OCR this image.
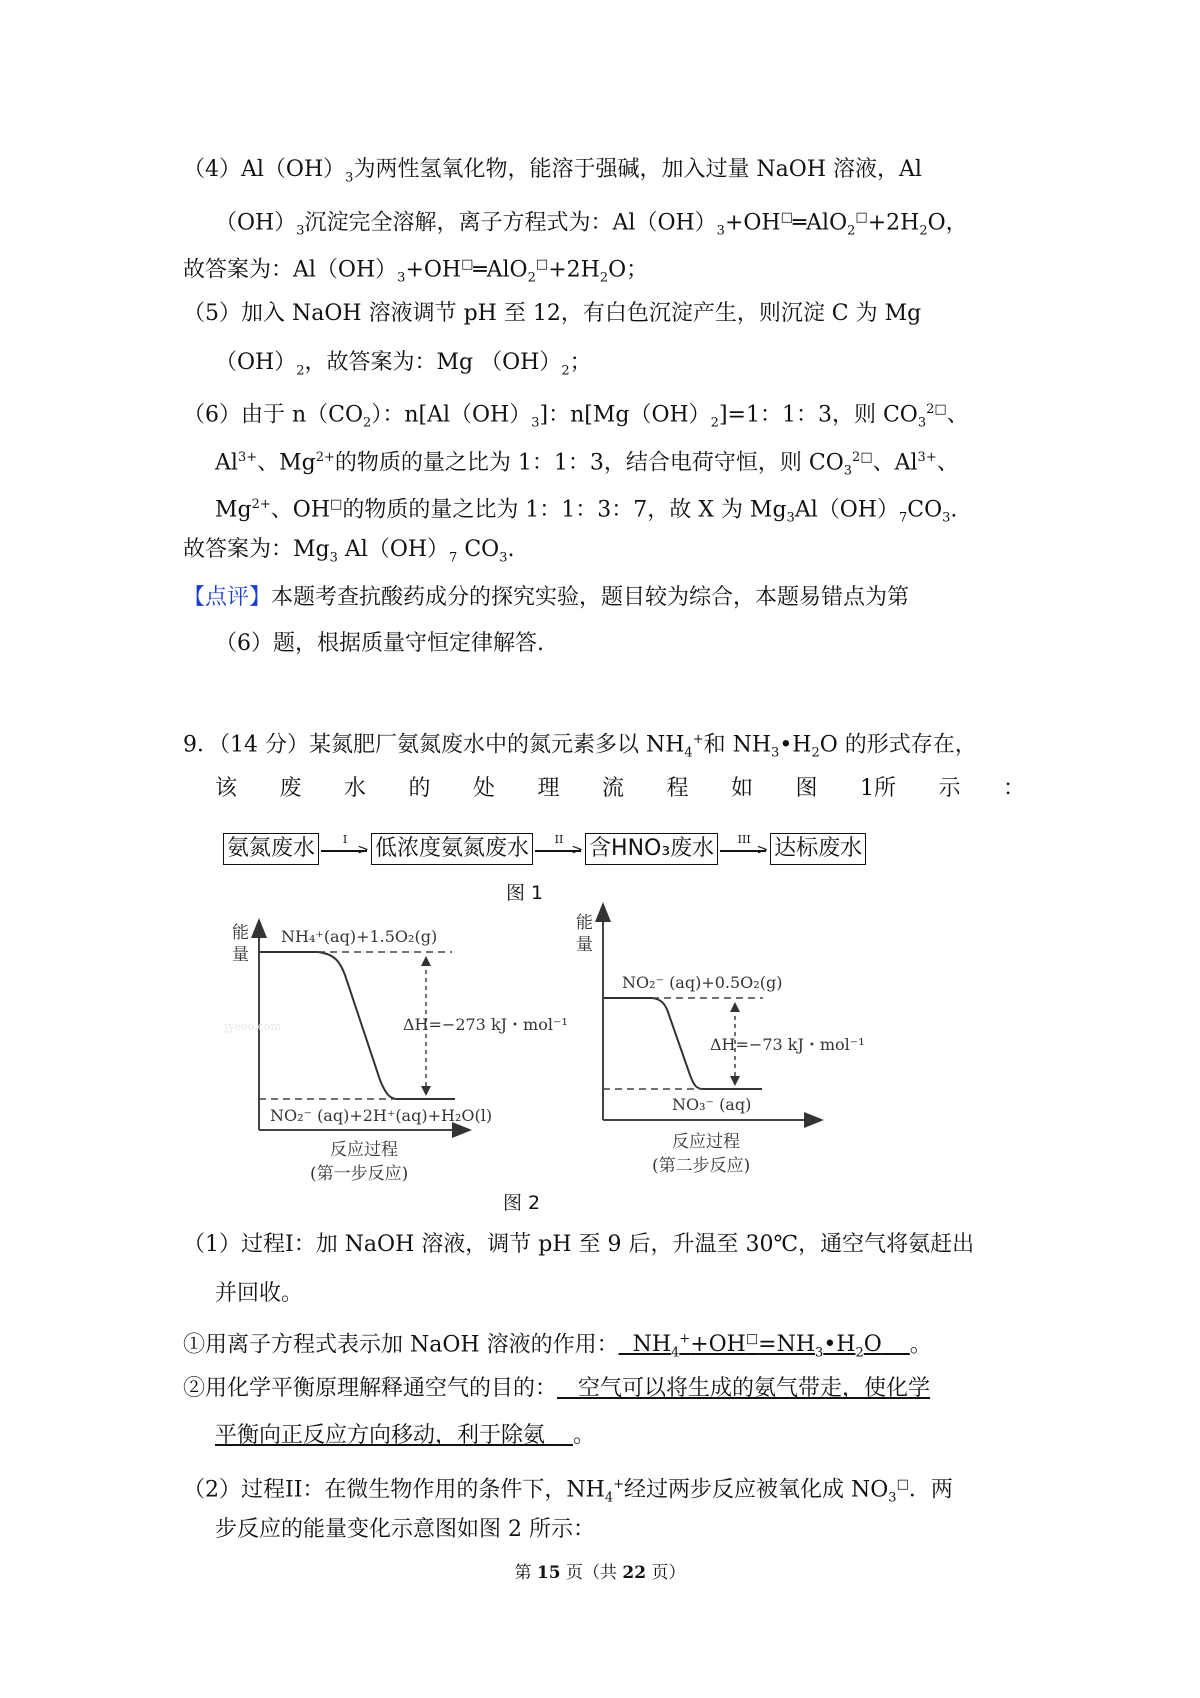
$(4)Al(OH)_3$为两性氢氧化物，能溶于强碱，加入过量 NaOH 溶液，Al
$(OH)_3$沉淀完全溶解，离子方程式为：$Al(OH)_3+OH^□═AlO_2^□+2H_2O$，
故答案为：$Al(OH)_3+OH^□═AlO_2^□+2H_2O$；
（5）加入 NaOH 溶液调节 pH 至 12，有白色沉淀产生，则沉淀 C 为 Mg
$(OH)_2$，故答案为：Mg $(OH)_2$；
（6）由于 $n(CO_2)$：$n[Al(OH)_3]$：$n[Mg(OH)_2]=1$：1：3，则 $CO_3^{2□}$、
$Al^{3+}$、$Mg^{2+}$的物质的量之比为 1：1：3，结合电荷守恒，则 $CO_3^{2□}$、$Al^{3+}$、
$Mg^{2+}$、OH□的物质的量之比为 1：1：3：7，故 X 为 $Mg_3Al(OH)_7CO_3$.
故答案为：$Mg_3$ $Al(OH)_7$ $CO_3$.
【点评】本题考查抗酸药成分的探究实验，题目较为综合，本题易错点为第
（6）题，根据质量守恒定律解答.
9．（14 分）某氮肥厂氨氮废水中的氮元素多以 $NH_4^+$和 $NH_3•H_2O$ 的形式存在，
该 废 水 的 处 理 流 程 如 图 1所 示 ：
氨氮废水	I
> 低浓度氨氮废水	II
> 含HNO₃废水	III
> 达标废水
图 1
能
量
NH₄⁺(aq)+1.5O₂(g)
NO₂⁻ (aq)+2H⁺(aq)+H₂O(l)
ΔH=−273 kJ・mol⁻¹
jyeoo.com
反应过程
(第一步反应)
能
量
NO₂⁻ (aq)+0.5O₂(g)
NO₃⁻ (aq)
ΔH=−73 kJ・mol⁻¹
反应过程
(第二步反应)
图 2
（1）过程I：加 NaOH 溶液，调节 pH 至 9 后，升温至 30℃，通空气将氨赶出
并回收。
①用离子方程式表示加 NaOH 溶液的作用： $NH_4^++OH^□=NH_3•H_2O$ 。
②用化学平衡原理解释通空气的目的： 空气可以将生成的氨气带走，使化学
平衡向正反应方向移动，利于除氨 。
（2）过程II：在微生物作用的条件下，$NH_4^+$经过两步反应被氧化成 $NO_3^□$．两
步反应的能量变化示意图如图 2 所示：
第 15 页（共 22 页）
